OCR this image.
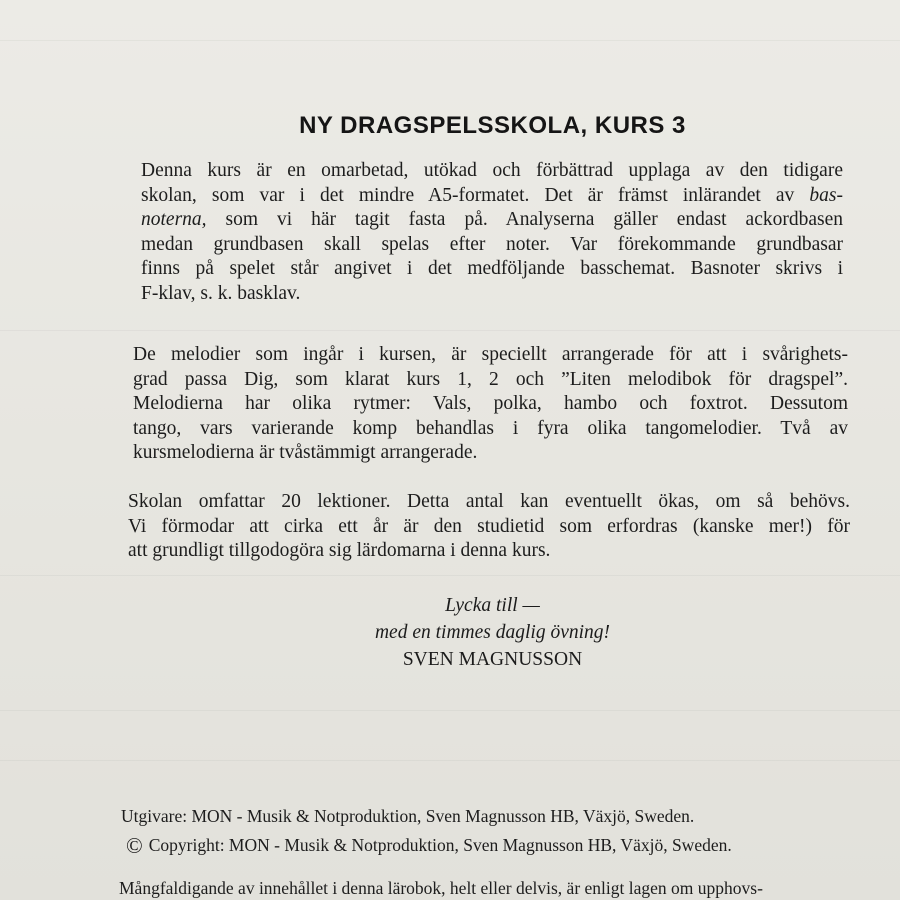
NY DRAGSPELSSKOLA, KURS 3
Denna kurs är en omarbetad, utökad och förbättrad upplaga av den tidigare
skolan, som var i det mindre A5-formatet. Det är främst inlärandet av bas-
noterna, som vi här tagit fasta på. Analyserna gäller endast ackordbasen
medan grundbasen skall spelas efter noter. Var förekommande grundbasar
finns på spelet står angivet i det medföljande basschemat. Basnoter skrivs i
F-klav, s. k. basklav.
De melodier som ingår i kursen, är speciellt arrangerade för att i svårighets-
grad passa Dig, som klarat kurs 1, 2 och ”Liten melodibok för dragspel”.
Melodierna har olika rytmer: Vals, polka, hambo och foxtrot. Dessutom
tango, vars varierande komp behandlas i fyra olika tangomelodier. Två av
kursmelodierna är tvåstämmigt arrangerade.
Skolan omfattar 20 lektioner. Detta antal kan eventuellt ökas, om så behövs.
Vi förmodar att cirka ett år är den studietid som erfordras (kanske mer!) för
att grundligt tillgodogöra sig lärdomarna i denna kurs.
Lycka till —
med en timmes daglig övning!
SVEN MAGNUSSON
Utgivare: MON - Musik & Notproduktion, Sven Magnusson HB, Växjö, Sweden.
© Copyright: MON - Musik & Notproduktion, Sven Magnusson HB, Växjö, Sweden.
Mångfaldigande av innehållet i denna lärobok, helt eller delvis, är enligt lagen om upphovs-
